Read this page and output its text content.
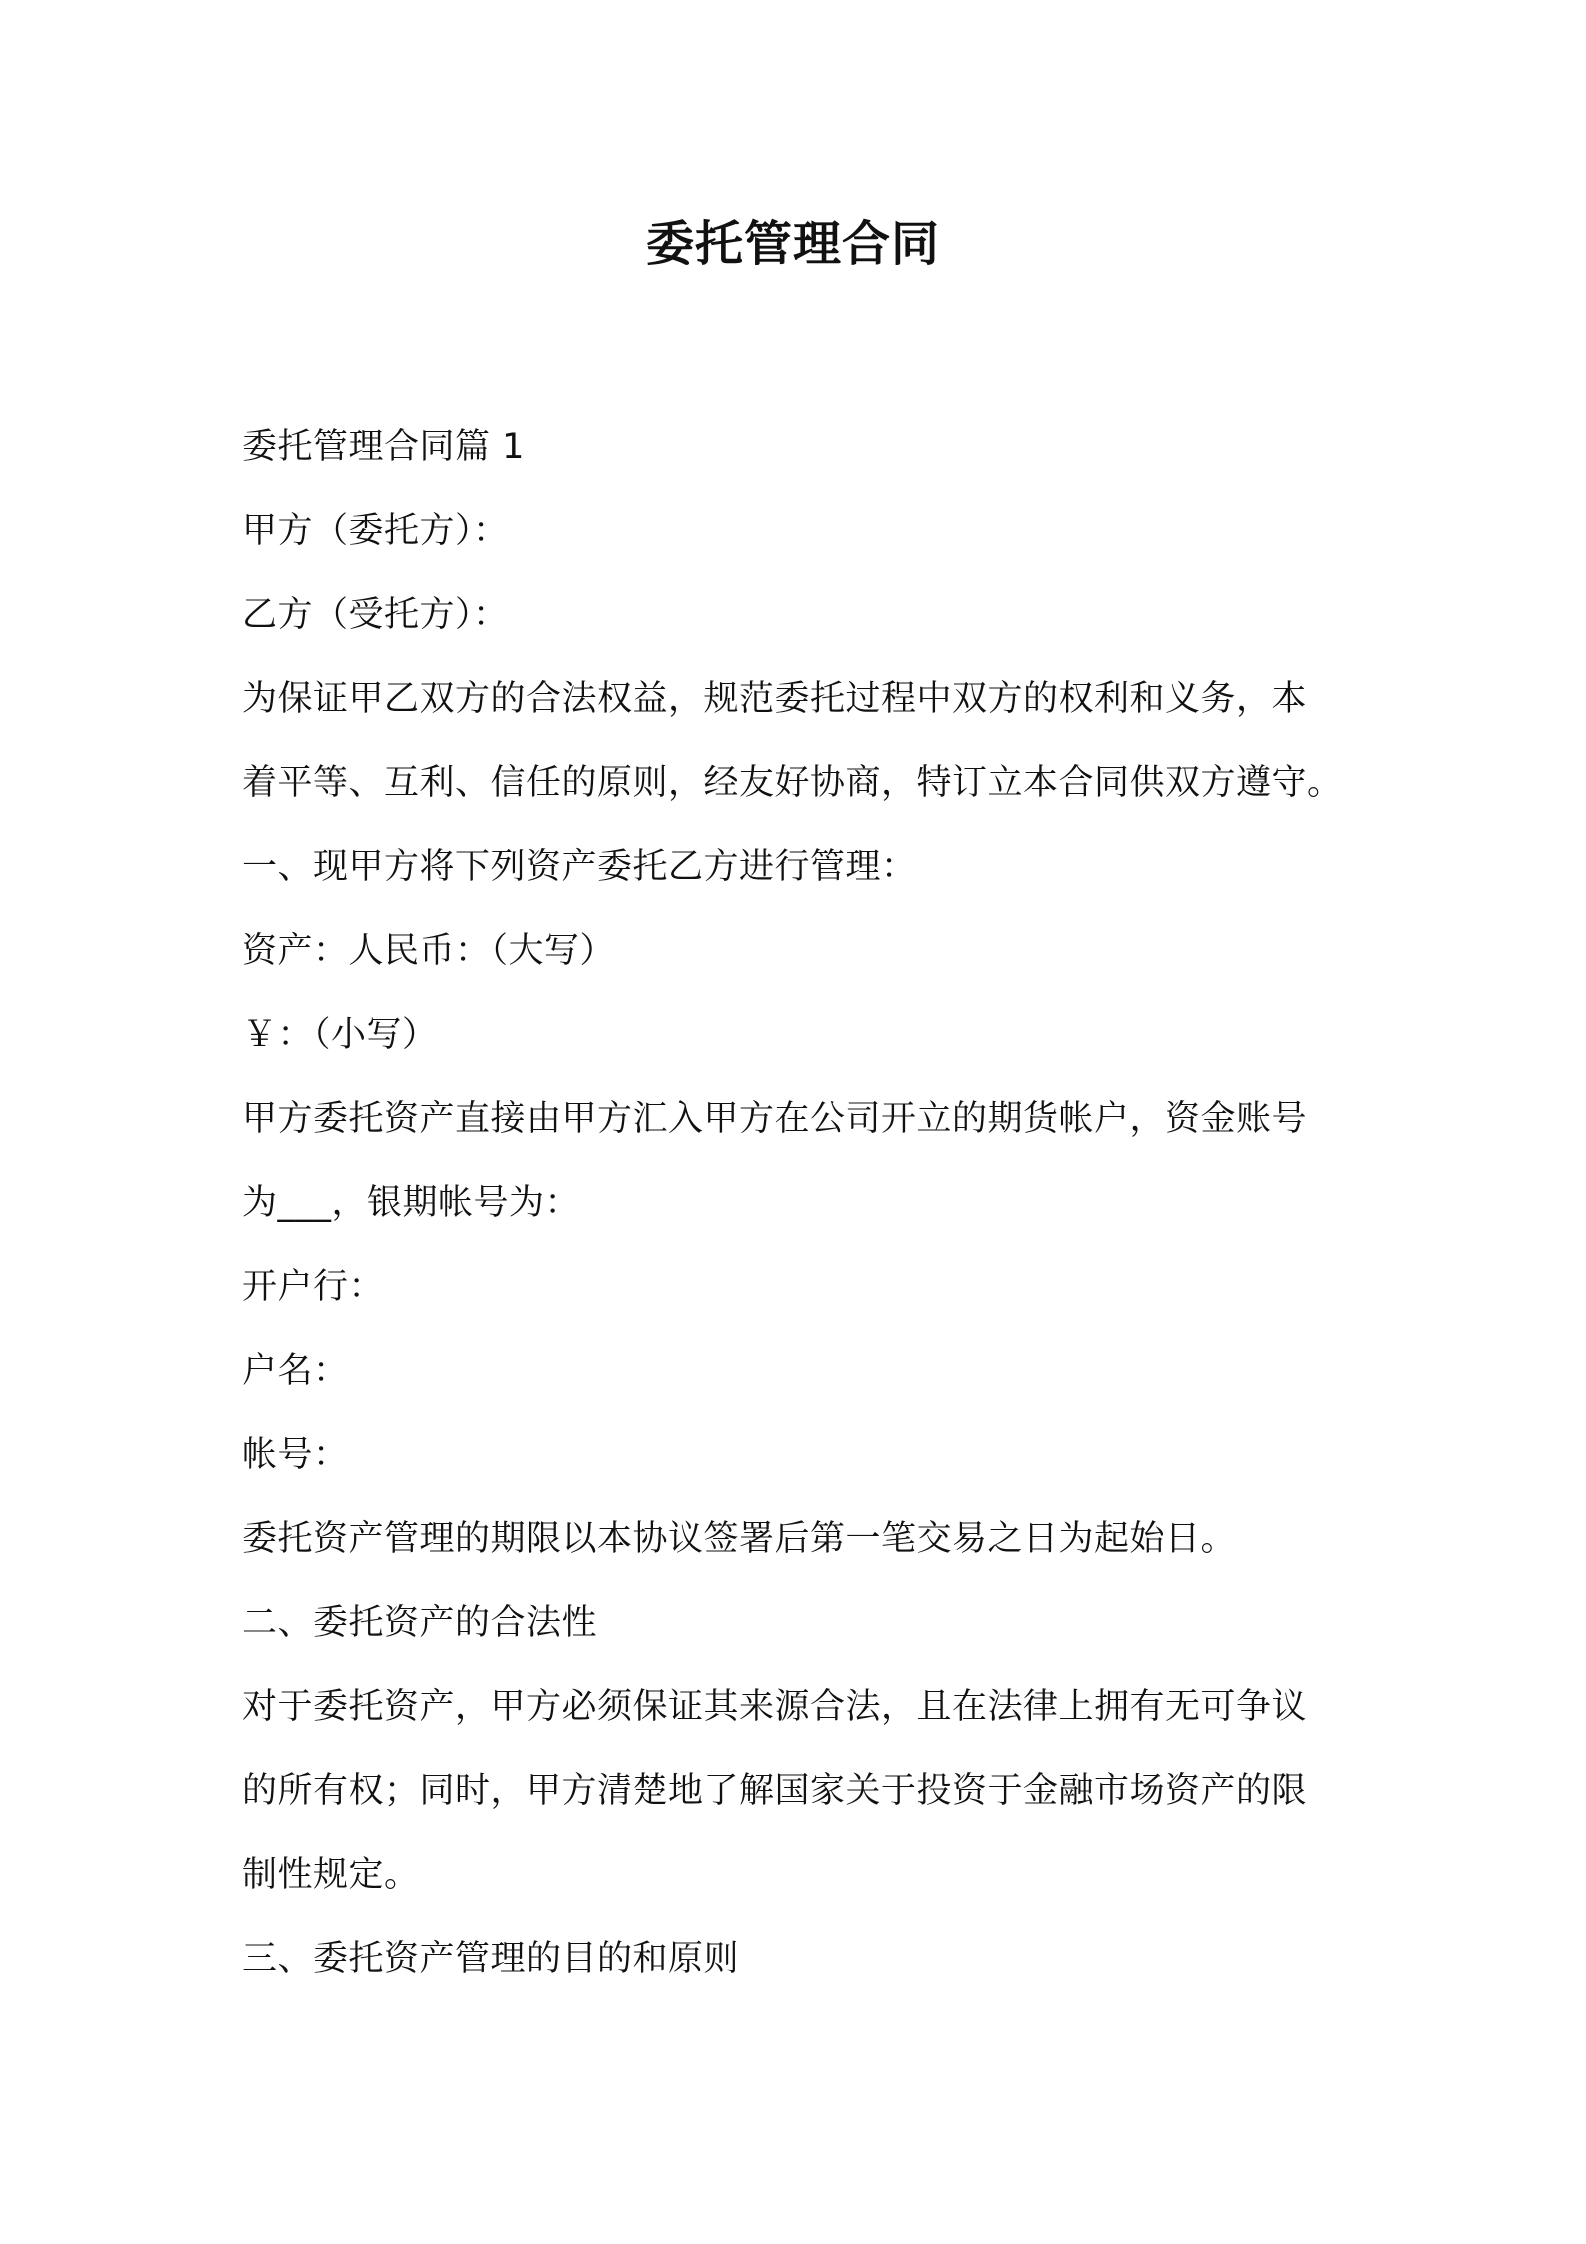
委托管理合同

委托管理合同篇 1

甲方（委托方）：

乙方（受托方）：

为保证甲乙双方的合法权益，规范委托过程中双方的权利和义务，本

着平等、互利、信任的原则，经友好协商，特订立本合同供双方遵守。

一、现甲方将下列资产委托乙方进行管理：

资产：人民币：（大写）

￥：（小写）

甲方委托资产直接由甲方汇入甲方在公司开立的期货帐户，资金账号

为___，银期帐号为：

开户行：

户名：

帐号：

委托资产管理的期限以本协议签署后第一笔交易之日为起始日。

二、委托资产的合法性

对于委托资产，甲方必须保证其来源合法，且在法律上拥有无可争议

的所有权；同时，甲方清楚地了解国家关于投资于金融市场资产的限

制性规定。

三、委托资产管理的目的和原则
